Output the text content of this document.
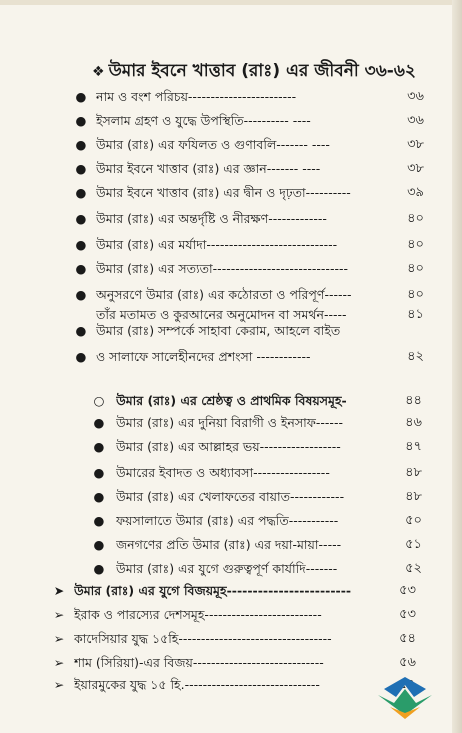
❖ উমার ইবনে খাত্তাব (রাঃ) এর জীবনী ৩৬-৬২
● নাম ও বংশ পরিচয়------------------------	৩৬
● ইসলাম গ্রহণ ও যুদ্ধে উপস্থিতি---------- ----	৩৬
● উমার (রাঃ) এর ফযিলত ও গুণাবলি------- ----	৩৮
● উমার ইবনে খাত্তাব (রাঃ) এর জ্ঞান------- ----	৩৮
● উমার ইবনে খাত্তাব (রাঃ) এর দ্বীন ও দৃঢ়তা----------	৩৯
● উমার (রাঃ) এর অন্তর্দৃষ্টি ও নীরক্ষণ-------------	৪০
● উমার (রাঃ) এর মর্যাদা-----------------------------	৪০
● উমার (রাঃ) এর সত্যতা------------------------------	৪০
● অনুসরণে উমার (রাঃ) এর কঠোরতা ও পরিপূর্ণ------	৪০
তাঁর মতামত ও কুরআনের অনুমোদন বা সমর্থন-----	৪১
● উমার (রাঃ) সম্পর্কে সাহাবা কেরাম, আহলে বাইত
● ও সালাফে সালেহীনদের প্রশংসা ------------	৪২
○ উমার (রাঃ) এর শ্রেষ্ঠত্ব ও প্রাথমিক বিষয়সমূহ-	৪৪
● উমার (রাঃ) এর দুনিয়া বিরাগী ও ইনসাফ------	৪৬
● উমার (রাঃ) এর আল্লাহর ভয়------------------	৪৭
● উমারের ইবাদত ও অধ্যাবসা-----------------	৪৮
● উমার (রাঃ) এর খেলাফতের বায়াত------------	৪৮
● ফয়সালাতে উমার (রাঃ) এর পদ্ধতি-----------	৫০
● জনগণের প্রতি উমার (রাঃ) এর দয়া-মায়া-----	৫১
● উমার (রাঃ) এর যুগে গুরুত্বপূর্ণ কার্যাদি-------	৫২
➤ উমার (রাঃ) এর যুগে বিজয়মূহ------------------------	৫৩
➢ ইরাক ও পারস্যের দেশসমূহ--------------------------	৫৩
➢ কাদেসিয়ার যুদ্ধ ১৫হি----------------------------------	৫৪
➢ শাম (সিরিয়া)-এর বিজয়-----------------------------	৫৬
➢ ইয়ারমুকের যুদ্ধ ১৫ হি.------------------------------
